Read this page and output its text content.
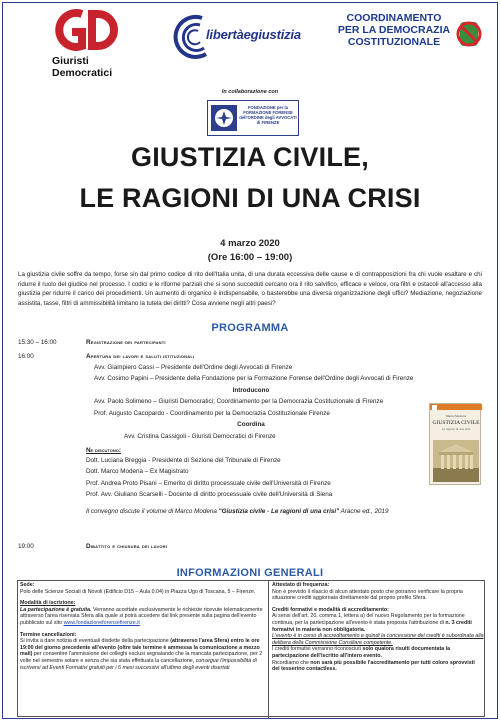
Giuristi
Democratici
libertàegiustizia
COORDINAMENTO
PER LA DEMOCRAZIA
COSTITUZIONALE
In collaborazione con
FONDAZIONE per la FORMAZIONE FORENSE dell'ORDINE degli AVVOCATI di FIRENZE
GIUSTIZIA CIVILE,
LE RAGIONI DI UNA CRISI
4 marzo 2020
(Ore 16:00 – 19:00)
La giustizia civile soffre da tempo, forse sin dal primo codice di rito dell'Italia unita, di una durata eccessiva delle cause e di contrapposizioni fra chi vuole esaltare e chi ridurre il ruolo del giudice nel processo. I codici e le riforme parziali che si sono succeduti cercano ora il rito salvifico, efficace e veloce, ora filtri e ostacoli all'accesso alla giustizia per ridurre il carico dei procedimenti. Un aumento di organico è indispensabile, o basterebbe una diversa organizzazione degli uffici? Mediazione, negoziazione assistita, tasse, filtri di ammissibilità limitano la tutela dei diritti? Cosa avviene negli altri paesi?
PROGRAMMA
15:30 – 16:00	Registrazione dei partecipanti
16:00	Apertura dei lavori e saluti istituzionali
Avv. Giampiero Cassi – Presidente dell'Ordine degli Avvocati di Firenze
Avv. Cosimo Papini – Presidente della Fondazione per la Formazione Forense dell'Ordine degli Avvocati di Firenze
Introducono
Avv. Paolo Solimeno – Giuristi Democratici; Coordinamento per la Democrazia Costituzionale di Firenze
Prof. Augusto Cacopardo - Coordinamento per la Democrazia Costituzionale Firenze
Coordina
Avv. Cristina Cassigoli - Giuristi Democratici di Firenze
Ne discutono:
Dott. Luciana Breggia - Presidente di Sezione del Tribunale di Firenze
Dott. Marco Modena – Ex Magistrato
Prof. Andrea Proto Pisani – Emerito di diritto processuale civile dell'Università di Firenze
Prof. Avv. Giuliano Scarselli - Docente di diritto processuale civile dell'Università di Siena
Il convegno discute il volume di Marco Modena "Giustizia civile - Le ragioni di una crisi" Aracne ed., 2019
19:00	Dibattito e chiusura dei lavori
Marco Modena
GIUSTIZIA CIVILE
Le ragioni di una crisi
INFORMAZIONI GENERALI
Sede:
Polo delle Scienze Sociali di Novoli (Edificio D15 – Aula 0.04) in Piazza Ugo di Toscana, 5 – Firenze.
Modalità di iscrizione:
La partecipazione è gratuita. Verranno accettate esclusivamente le richieste ricevute telematicamente attraverso l'area riservata Sfera alla quale si potrà accedere dal link presente sulla pagina dell'evento pubblicato sul sito www.fondazioneforensefirenze.it
Termine cancellazioni:
Si invita a dare notizia di eventuali disdette della partecipazione (attraverso l'area Sfera) entro le ore 19:00 del giorno precedente all'evento (oltre tale termine è ammessa la comunicazione a mezzo mail) per consentire l'ammissione dei colleghi esclusi segnalando che la mancata partecipazione, per 2 volte nel semestre solare e senza che sia stata effettuata la cancellazione, consegue l'impossibilità di iscriversi ad Eventi Formativi gratuiti per i 6 mesi successivi all'ultimo degli eventi disertati.
Attestato di frequenza:
Non è previsto il rilascio di alcun attestato posto che potranno verificare la propria situazione crediti aggiornata direttamente dal proprio profilo Sfera.
Crediti formativi e modalità di accreditamento:
Ai sensi dell'art. 20, comma 1, lettera a) del nuovo Regolamento per la formazione continua, per la partecipazione all'evento è stata proposta l'attribuzione di n. 3 crediti formativi in materia non obbligatoria.
L'evento è in corso di accreditamento e quindi la concessione dei crediti è subordinata alla delibera della Commissione Consiliare competente.
I crediti formativi verranno riconosciuti solo qualora risulti documentata la partecipazione dell'iscritto all'intero evento.
Ricordiamo che non sarà più possibile l'accreditamento per tutti coloro sprovvisti del tesserino contactless.
